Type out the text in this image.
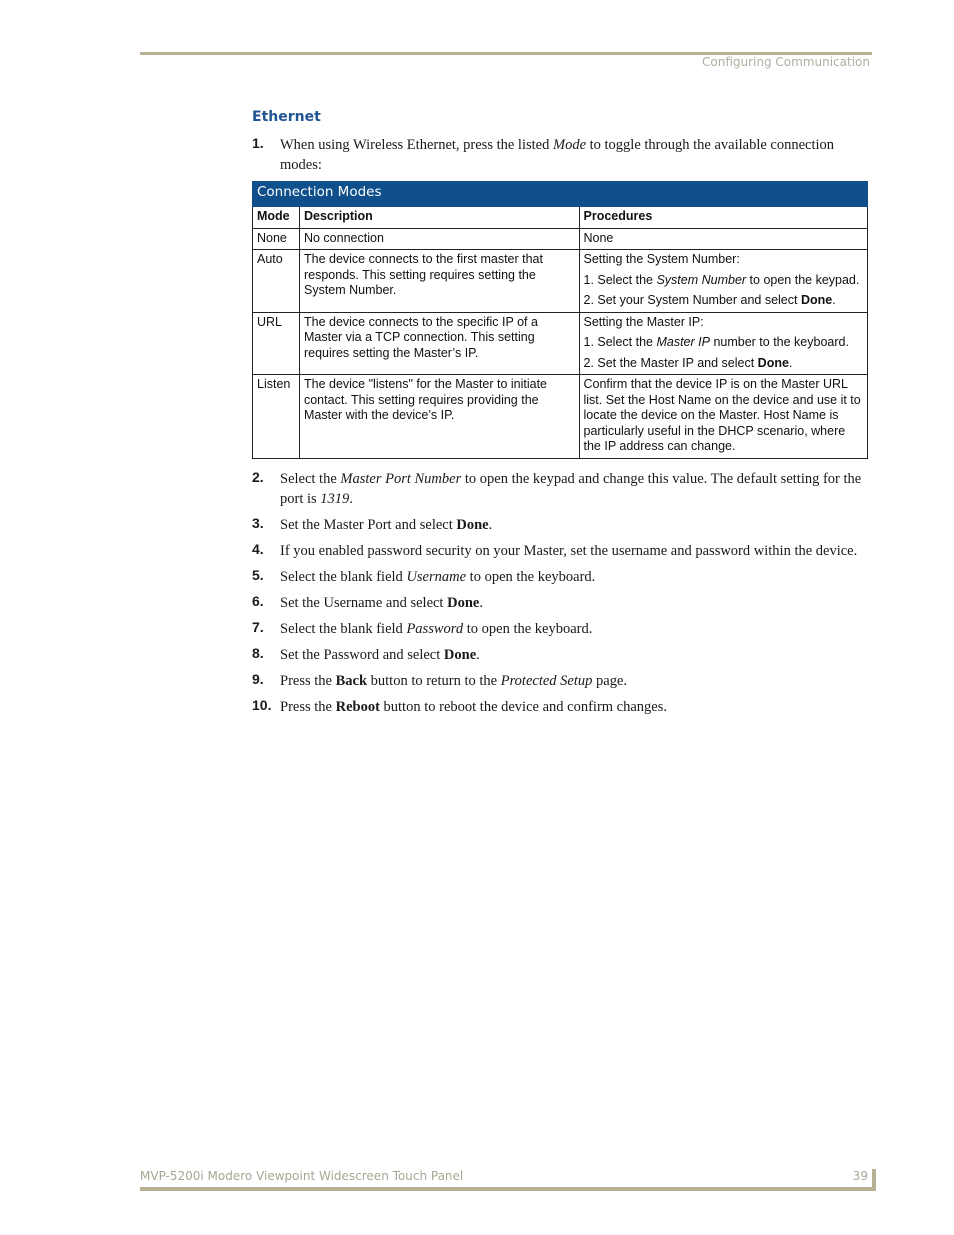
Configuring Communication
Ethernet
1. When using Wireless Ethernet, press the listed Mode to toggle through the available connection modes:
Connection Modes		
Mode	Description	Procedures
None	No connection	None

Auto	The device connects to the first master that responds. This setting requires setting the System Number.	Setting the System Number:

1. Select the System Number to open the keypad.

2. Set your System Number and select Done.

URL	The device connects to the specific IP of a Master via a TCP connection. This setting requires setting the Master’s IP.	Setting the Master IP:

1. Select the Master IP number to the keyboard.

2. Set the Master IP and select Done.

Listen	The device "listens" for the Master to initiate contact. This setting requires providing the Master with the device’s IP.	Confirm that the device IP is on the Master URL list. Set the Host Name on the device and use it to locate the device on the Master. Host Name is particularly useful in the DHCP scenario, where the IP address can change.

2. Select the Master Port Number to open the keypad and change this value. The default setting for the port is 1319.
3. Set the Master Port and select Done.
4. If you enabled password security on your Master, set the username and password within the device.
5. Select the blank field Username to open the keyboard.
6. Set the Username and select Done.
7. Select the blank field Password to open the keyboard.
8. Set the Password and select Done.
9. Press the Back button to return to the Protected Setup page.
10. Press the Reboot button to reboot the device and confirm changes.
MVP-5200i Modero Viewpoint Widescreen Touch Panel	39
